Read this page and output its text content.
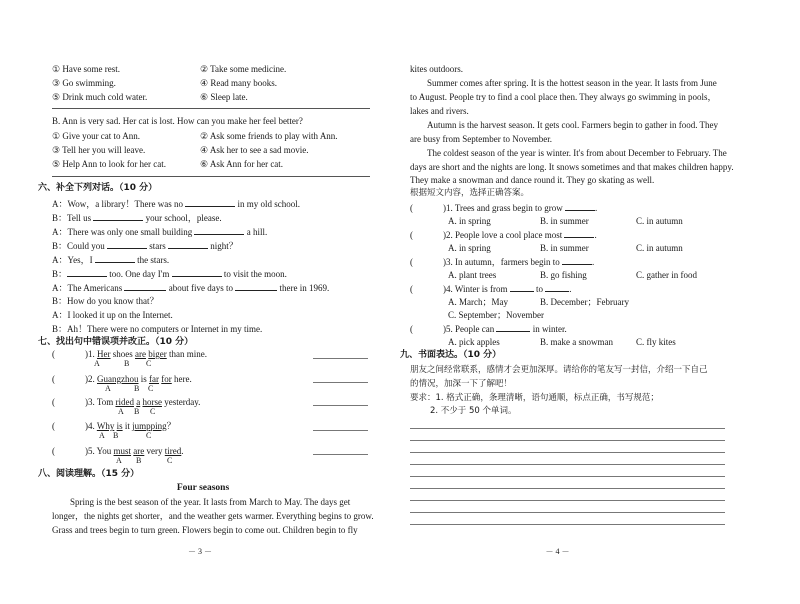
① Have some rest.	② Take some medicine.
③ Go swimming.	④ Read many books.
⑤ Drink much cold water.	⑥ Sleep late.
B. Ann is very sad. Her cat is lost. How can you make her feel better?
① Give your cat to Ann.	② Ask some friends to play with Ann.
③ Tell her you will leave.	④ Ask her to see a sad movie.
⑤ Help Ann to look for her cat.	⑥ Ask Ann for her cat.
六、补全下列对话。（10 分）
A：Wow，a library！There was no	in my old school.
B：Tell us	your school，please.
A：There was only one small building	a hill.
B：Could you	stars	night？
A：Yes，I	the stars.
B：	too. One day I'm	to visit the moon.
A：The Americans	about five days to	there in 1969.
B：How do you know that？
A：I looked it up on the Internet.
B：Ah！There were no computers or Internet in my time.
七、找出句中错误项并改正。（10 分）
(	)1. Her shoes are biger than mine.
A	B C
(	)2. Guangzhou is far for here.
A	B C
(	)3. Tom rided a horse yesterday.
A B C
(	)4. Why is it jumpping？
A B	C
(	)5. You must are very tired.
A B	C
八、阅读理解。（15 分）
Four seasons
Spring is the best season of the year. It lasts from March to May. The days get
longer，the nights get shorter，and the weather gets warmer. Everything begins to grow.
Grass and trees begin to turn green. Flowers begin to come out. Children begin to fly
－ 3 －
kites outdoors.
Summer comes after spring. It is the hottest season in the year. It lasts from June
to August. People try to find a cool place then. They always go swimming in pools，
lakes and rivers.
Autumn is the harvest season. It gets cool. Farmers begin to gather in food. They
are busy from September to November.
The coldest season of the year is winter. It's from about December to February. The
days are short and the nights are long. It snows sometimes and that makes children happy.
They make a snowman and dance round it. They go skating as well.
根据短文内容，选择正确答案。
(	)1. Trees and grass begin to grow	.
A. in spring	B. in summer	C. in autumn
(	)2. People love a cool place most	.
A. in spring	B. in summer	C. in autumn
(	)3. In autumn，farmers begin to	.
A. plant trees	B. go fishing	C. gather in food
(	)4. Winter is from	to	.
A. March；May	B. December；February
C. September；November
(	)5. People can	in winter.
A. pick apples	B. make a snowman	C. fly kites
九、书面表达。（10 分）
朋友之间经常联系，感情才会更加深厚。请给你的笔友写一封信，介绍一下自己
的情况，加深一下了解吧！
要求：1. 格式正确，条理清晰，语句通顺，标点正确，书写规范；
2. 不少于 50 个单词。
－ 4 －
